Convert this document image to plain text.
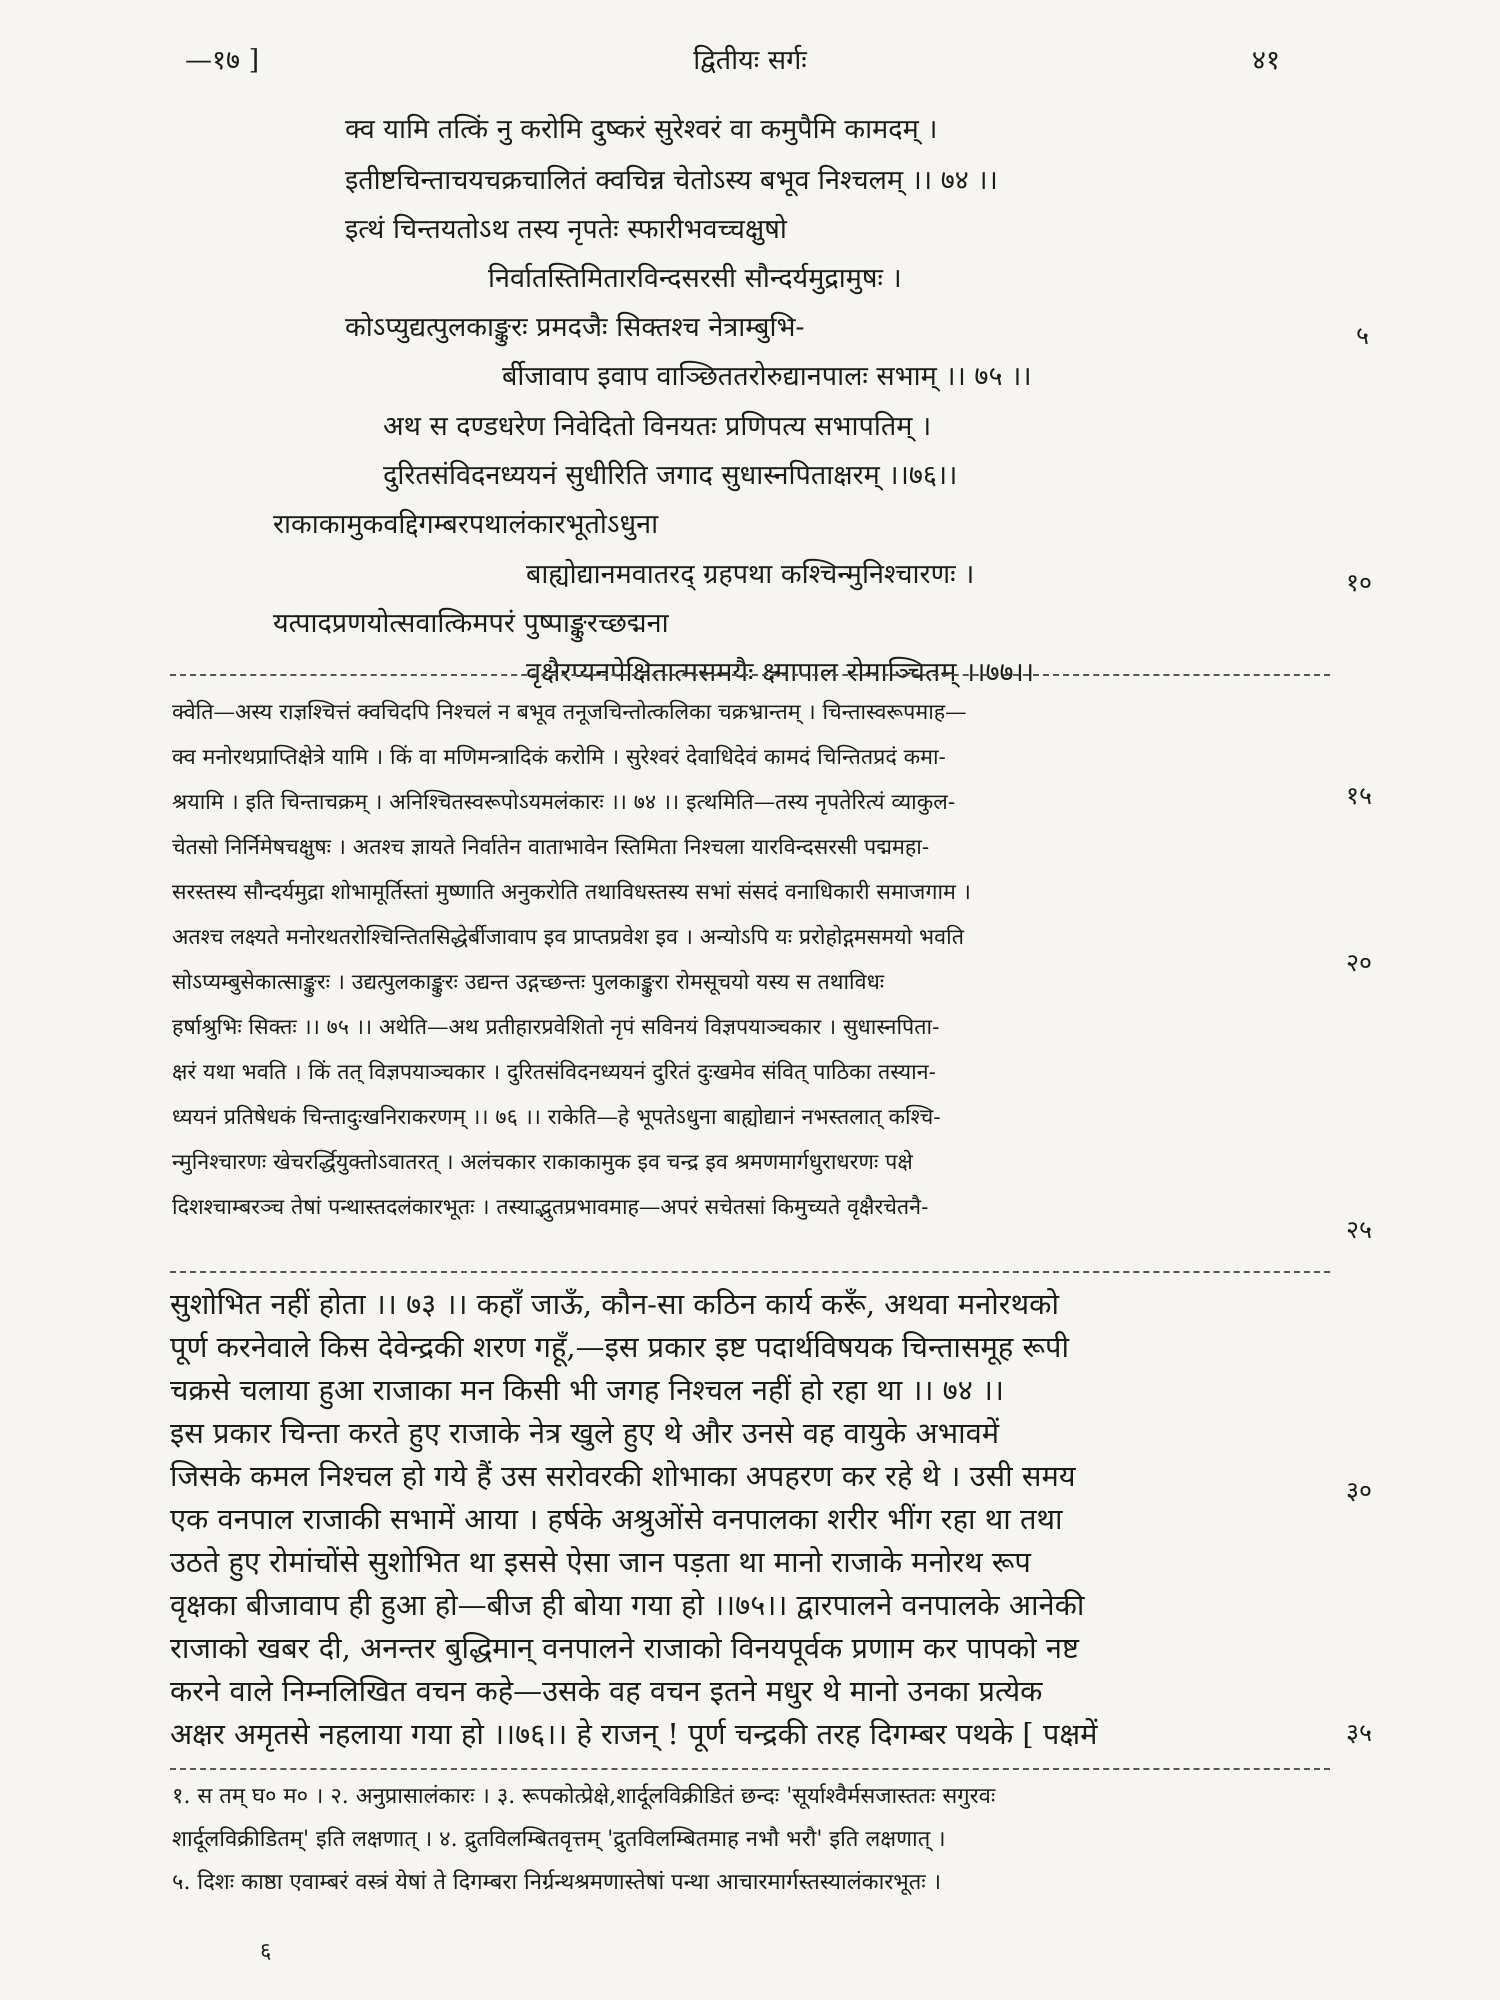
—१७ ]	द्वितीयः सर्गः	४१
क्व यामि तत्किं नु करोमि दुष्करं सुरेश्वरं वा कमुपैमि कामदम् ।
इतीष्टचिन्ताचयचक्रचालितं क्वचिन्न चेतोऽस्य बभूव निश्चलम् ।। ७४ ।।
इत्थं चिन्तयतोऽथ तस्य नृपतेः स्फारीभवच्चक्षुषो
निर्वातस्तिमितारविन्दसरसी सौन्दर्यमुद्रामुषः ।
कोऽप्युद्यत्पुलकाङ्कुरः प्रमदजैः सिक्तश्च नेत्राम्बुभि-
र्बीजावाप इवाप वाञ्छिततरोरुद्यानपालः सभाम् ।। ७५ ।।
अथ स दण्डधरेण निवेदितो विनयतः प्रणिपत्य सभापतिम् ।
दुरितसंविदनध्ययनं सुधीरिति जगाद सुधास्नपिताक्षरम् ।।७६।।
राकाकामुकवद्दिगम्बरपथालंकारभूतोऽधुना
बाह्योद्यानमवातरद् ग्रहपथा कश्चिन्मुनिश्चारणः ।
यत्पादप्रणयोत्सवात्किमपरं पुष्पाङ्कुरच्छद्मना
वृक्षैरप्यनपेक्षितात्मसमयैः क्ष्मापाल रोमाञ्चितम् ।।७७।।
५
१०
१५
२०
२५
३०
३५
क्वेति—अस्य राज्ञश्चित्तं क्वचिदपि निश्चलं न बभूव तनूजचिन्तोत्कलिका चक्रभ्रान्तम् । चिन्तास्वरूपमाह—
क्व मनोरथप्राप्तिक्षेत्रे यामि । किं वा मणिमन्त्रादिकं करोमि । सुरेश्वरं देवाधिदेवं कामदं चिन्तितप्रदं कमा-
श्रयामि । इति चिन्ताचक्रम् । अनिश्चितस्वरूपोऽयमलंकारः ।। ७४ ।। इत्थमिति—तस्य नृपतेरित्यं व्याकुल-
चेतसो निर्निमेषचक्षुषः । अतश्च ज्ञायते निर्वातेन वाताभावेन स्तिमिता निश्चला यारविन्दसरसी पद्ममहा-
सरस्तस्य सौन्दर्यमुद्रा शोभामूर्तिस्तां मुष्णाति अनुकरोति तथाविधस्तस्य सभां संसदं वनाधिकारी समाजगाम ।
अतश्च लक्ष्यते मनोरथतरोश्चिन्तितसिद्धेर्बीजावाप इव प्राप्तप्रवेश इव । अन्योऽपि यः प्ररोहोद्गमसमयो भवति
सोऽप्यम्बुसेकात्साङ्कुरः । उद्यत्पुलकाङ्कुरः उद्यन्त उद्गच्छन्तः पुलकाङ्कुरा रोमसूचयो यस्य स तथाविधः
हर्षाश्रुभिः सिक्तः ।। ७५ ।। अथेति—अथ प्रतीहारप्रवेशितो नृपं सविनयं विज्ञपयाञ्चकार । सुधास्नपिता-
क्षरं यथा भवति । किं तत् विज्ञपयाञ्चकार । दुरितसंविदनध्ययनं दुरितं दुःखमेव संवित् पाठिका तस्यान-
ध्ययनं प्रतिषेधकं चिन्तादुःखनिराकरणम् ।। ७६ ।। राकेति—हे भूपतेऽधुना बाह्योद्यानं नभस्तलात् कश्चि-
न्मुनिश्चारणः खेचरर्द्धियुक्तोऽवातरत् । अलंचकार राकाकामुक इव चन्द्र इव श्रमणमार्गधुराधरणः पक्षे
दिशश्चाम्बरञ्च तेषां पन्थास्तदलंकारभूतः । तस्याद्भुतप्रभावमाह—अपरं सचेतसां किमुच्यते वृक्षैरचेतनै-
सुशोभित नहीं होता ।। ७३ ।। कहाँ जाऊँ, कौन-सा कठिन कार्य करूँ, अथवा मनोरथको
पूर्ण करनेवाले किस देवेन्द्रकी शरण गहूँ,—इस प्रकार इष्ट पदार्थविषयक चिन्तासमूह रूपी
चक्रसे चलाया हुआ राजाका मन किसी भी जगह निश्चल नहीं हो रहा था ।। ७४ ।।
इस प्रकार चिन्ता करते हुए राजाके नेत्र खुले हुए थे और उनसे वह वायुके अभावमें
जिसके कमल निश्चल हो गये हैं उस सरोवरकी शोभाका अपहरण कर रहे थे । उसी समय
एक वनपाल राजाकी सभामें आया । हर्षके अश्रुओंसे वनपालका शरीर भींग रहा था तथा
उठते हुए रोमांचोंसे सुशोभित था इससे ऐसा जान पड़ता था मानो राजाके मनोरथ रूप
वृक्षका बीजावाप ही हुआ हो—बीज ही बोया गया हो ।।७५।। द्वारपालने वनपालके आनेकी
राजाको खबर दी, अनन्तर बुद्धिमान् वनपालने राजाको विनयपूर्वक प्रणाम कर पापको नष्ट
करने वाले निम्नलिखित वचन कहे—उसके वह वचन इतने मधुर थे मानो उनका प्रत्येक
अक्षर अमृतसे नहलाया गया हो ।।७६।। हे राजन् ! पूर्ण चन्द्रकी तरह दिगम्बर पथके [ पक्षमें
१. स तम् घ० म० । २. अनुप्रासालंकारः । ३. रूपकोत्प्रेक्षे,शार्दूलविक्रीडितं छन्दः 'सूर्याश्वैर्मसजास्ततः सगुरवः
शार्दूलविक्रीडितम्' इति लक्षणात् । ४. द्रुतविलम्बितवृत्तम् 'द्रुतविलम्बितमाह नभौ भरौ' इति लक्षणात् ।
५. दिशः काष्ठा एवाम्बरं वस्त्रं येषां ते दिगम्बरा निर्ग्रन्थश्रमणास्तेषां पन्था आचारमार्गस्तस्यालंकारभूतः ।
६
